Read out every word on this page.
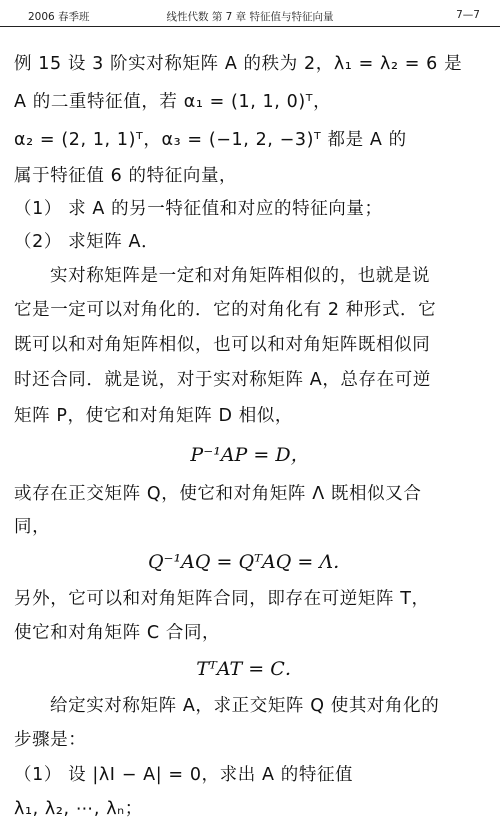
2006 春季班	线性代数 第 7 章 特征值与特征向量	7—7
例 15 设 3 阶实对称矩阵 A 的秩为 2，λ₁ = λ₂ = 6 是
A 的二重特征值，若 α₁ = (1, 1, 0)ᵀ，
α₂ = (2, 1, 1)ᵀ，α₃ = (−1, 2, −3)ᵀ 都是 A 的
属于特征值 6 的特征向量，
（1） 求 A 的另一特征值和对应的特征向量；
（2） 求矩阵 A．
实对称矩阵是一定和对角矩阵相似的，也就是说
它是一定可以对角化的．它的对角化有 2 种形式．它
既可以和对角矩阵相似，也可以和对角矩阵既相似同
时还合同．就是说，对于实对称矩阵 A，总存在可逆
矩阵 P，使它和对角矩阵 D 相似，
P⁻¹AP = D，
或存在正交矩阵 Q，使它和对角矩阵 Λ 既相似又合
同，
Q⁻¹AQ = QᵀAQ = Λ．
另外，它可以和对角矩阵合同，即存在可逆矩阵 T，
使它和对角矩阵 C 合同，
TᵀAT = C．
给定实对称矩阵 A，求正交矩阵 Q 使其对角化的
步骤是：
（1） 设 |λI − A| = 0，求出 A 的特征值
λ₁, λ₂, ⋯, λₙ；
